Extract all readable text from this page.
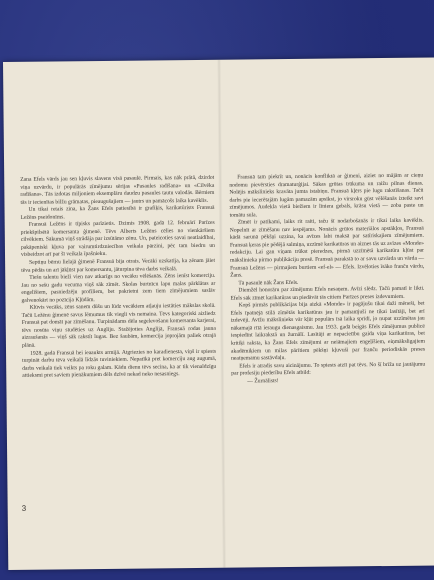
Zana Efels vārds jau sen kļuvis slavens visā pasaulē. Pirmais, kas nāk prātā, dzirdot viņa uzvārdu, ir populārās zīmējumu sērijas «Pasaules radīšana» un «Cilvēka radīšana». Tās izdotas miljoniem eksemplāru daudzu pasaules tautu valodās. Bērniem tās ir iecienītas bilžu grāmatas, pieaugušajiem — jautrs un pamācošs laika kavēklis.

Un tikai retais zina, ka Žans Efels patiesībā ir grafiķis, karikatūrists Fransuā Ležēns pseidonīms.

Fransuā Ležēns ir tīpisks parīzietis. Dzimis 1908. gadā 12. februārī Parīzes priekšpilsētā komersanta ģimenē. Tēvs Alberts Ležēns cēlies no vienkāršiem cilvēkiem. Sākumā viņš strādāja par izsūtāmo zēnu. Un, pateicoties savai neatlaidībai, pakāpeniski kļuva par vairumtirdzniecības veikala pārzini, pēc tam biedru un visbeidzot arī par šī veikala īpašnieku.

Septiņu bērnu lielajā ģimenē Fransuā bija otrais. Vecāki uzskatīja, ka zēnam jāiet tēva pēdās un arī jākļūst par komersantu, jāturpina tēva darbs veikalā.

Tiešu talentu bieži vien nav atkarīgs no vecāku vēlēšanās. Zēns ienīst komerciju. Jau no sešu gadu vecuma viņš sāk zīmēt. Skolas burtnīcu lapu malas pārklātas ar engelīšiem, pasniedzēju profiliem, bet pakrietni zem tiem zīmējumiem saslāv galvenokārt no pozīcija Kļūdām.

Klūvis vecāks, zēns sanem dūšu un lūdz vecākiem atļauju iestāties mākslas skolā. Tačū Ležēnu ģimenē savus lēmumus tik viegli vis nemaina. Tēvs kategoriski aizliedz Fransuā pat domāt par zīmēšanu. Turpinādams dēla segelevošanu komersanta karjerai, tēvs nosūta viņu studēties uz Angliju. Stažējoties Anglijā, Fransuā rodas jauna aizraušanās — viņš sāk rakstīt lugas. Bez šaubām, komercija joprojām paliek otrajā plānā.

1928. gadā Fransuā hei ieaaukts armijā. Atgriezies no karadienesta, viņš ir spiests turpināt darbu tēva veikalā līdzās tuviniekiem. Nepatīkā pret komerciju aug augumā, darbs veikalā tiek veikts pa roku galam. Kādu dienu tēvs secina, ka ar tik vienaldzīgu attieksmi pret saviem pienākumiem dēls dzīvē nekad neko nesasniegs.

Fransuā tam piekrīt un, nonācis konfliktā ar ģimeni, aiziet no mājām ar cieņu nodomu pievērsties dramaturģijai. Sākas grūtas trūkuma un raižu pilnas dienas. Nolējis mākslinieks kravāta jumta istabiņu. Fransuā kļērs pie lugu rakstīšanas. Tačū darbs pie iecerētajām lugām pamazām apsīkst, jo virsroku gūst vēlēšanās izteikt savi zīmējumos. Audekla vietā biežiem ir līniera gebals, krāsu vietā — zoba paste un tomātu sula.

Zīmēt ir patīkami, laiks rit raiti, taču šī nodarbošanās ir tikai laika kavēklis. Nopelnīt ar zīmēšanu nav iespējams. Nonācis grūtos materiālos apstākļos, Fransuā kādā sarunā pēkšņi uzzina, ka avīzes labi maksā par satīriskajiem zīmējumiem. Fransuā ķeras pie pēdējā salmiņa, uzzīmē karikatūras un aiznes tās uz avīzes «Monde» redakciju. Lai gan viņam trūkst pieredzes, pirmā uzzīmētā karikatūra kļūst par mākslinieka pirmo publikāciju presē. Fransuā parakstā to ar savu uzvārda un vārda — Fransuā Ležēns — pirmajiem burtiem «ef-el» — Efels. Izvēloties īsāko franču vārdu, Žans.

Tā pasaulē nāk Žans Efels.

Diemžēl honorāru par zīmējumu Efels nesaņem. Avīzi slēdz. Tačū pamatī ir likti. Efels sāk zīmēt karikatūras un piedāvāt tās citiem Parīzes preses izdevumiem.

Kopš pirmās publikācijas bija aizkā «Monde» ir pagājušu tikai daži mēneši, bet Efels īpatnējā stilā zīmētās karikatūras jau ir pamanījuši ne tikai lasītāji, bet arī izdevēji. Avīžu mākslinieks vār kļūt populārs īsā laika sprīdī, jo nupat uzzīmētas jau nākamajā rītā ieraugu dienasgaismu. Jau 1933. gadā beigās Efels zīmējumus publicē iespiedīnt laikrakstā un žurnālī. Lasītāji ar nepacietību gaida viņa karikatūras, bet kritiķi raksta, ka Žans Efels zīmējumi ar neiāmajiem engeļīšiem, eiņmāksligajiem akadēmiķiem un milas pārītiem pēkšņi kļuvuši par franču periodiskās preses neatņemamu sastāvdaļu.

Efels ir atradis savu aicinājumu. To spiests atzīt pat tēvs. No šī brīža uz jautājumu par profesiju piederību Efels atbild:

— Žurnālists!

3
